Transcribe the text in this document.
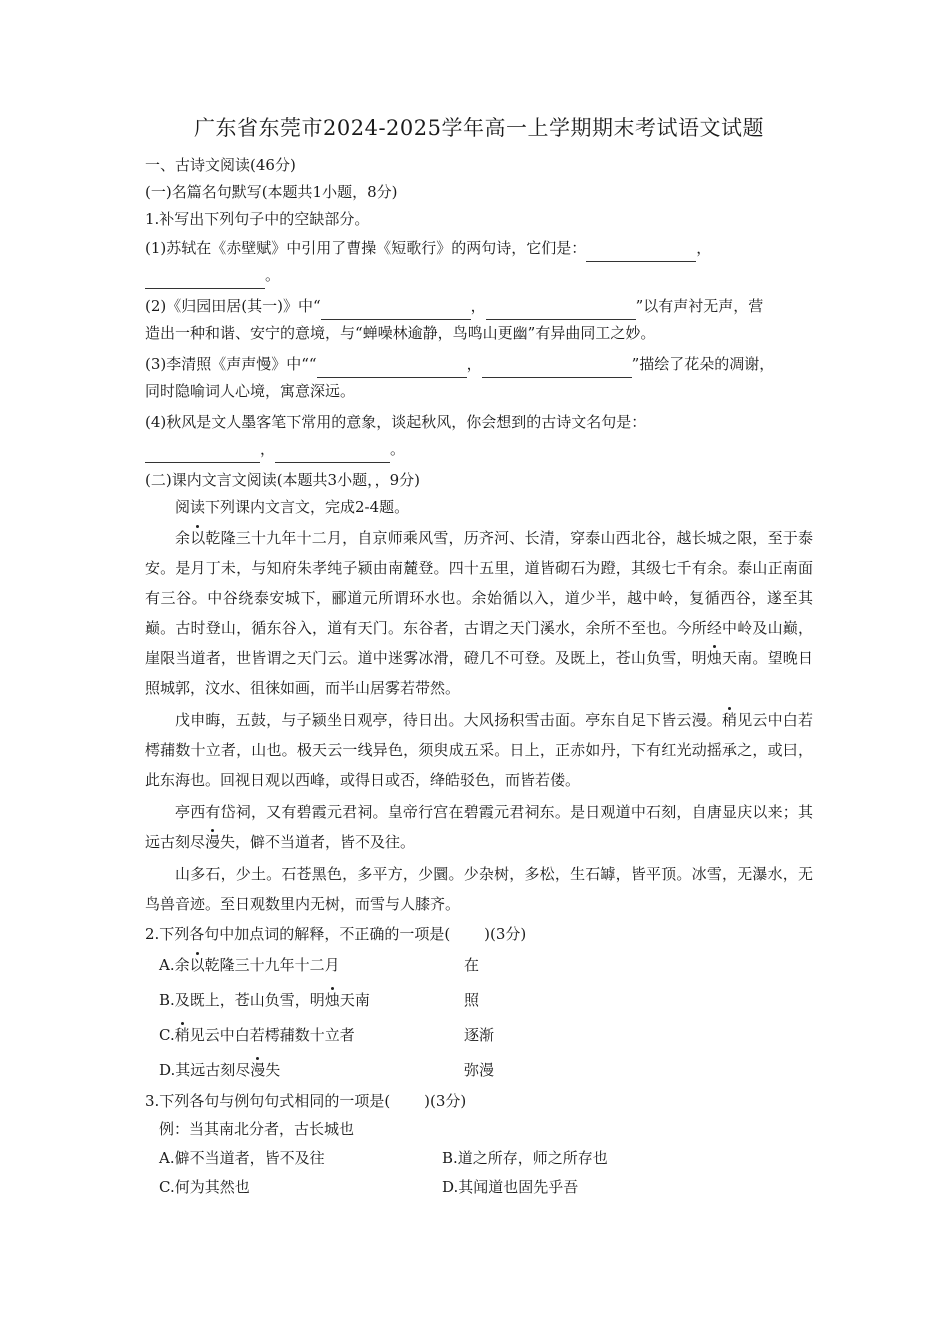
广东省东莞市2024-2025学年高一上学期期末考试语文试题

一、古诗文阅读(46分)

(一)名篇名句默写(本题共1小题，8分)

1.补写出下列句子中的空缺部分。

(1)苏轼在《赤壁赋》中引用了曹操《短歌行》的两句诗，它们是：	，

。

(2)《归园田居(其一)》中“	，	”以有声衬无声，营

造出一种和谐、安宁的意境，与“蝉噪林逾静，鸟鸣山更幽”有异曲同工之妙。

(3)李清照《声声慢》中““	，	”描绘了花朵的凋谢，

同时隐喻词人心境，寓意深远。

(4)秋风是文人墨客笔下常用的意象，谈起秋风，你会想到的古诗文名句是：

，	。

(二)课内文言文阅读(本题共3小题，，9分)

阅读下列课内文言文，完成2-4题。

余以乾隆三十九年十二月，自京师乘风雪，历齐河、长清，穿泰山西北谷，越长城之限，至于泰安。是月丁未，与知府朱孝纯子颍由南麓登。四十五里，道皆砌石为蹬，其级七千有余。泰山正南面有三谷。中谷绕泰安城下，郦道元所谓环水也。余始循以入，道少半，越中岭，复循西谷，遂至其巅。古时登山，循东谷入，道有天门。东谷者，古谓之天门溪水，余所不至也。今所经中岭及山巅，崖限当道者，世皆谓之天门云。道中迷雾冰滑，磴几不可登。及既上，苍山负雪，明烛天南。望晚日照城郭，汶水、徂徕如画，而半山居雾若带然。

戊申晦，五鼓，与子颍坐日观亭，待日出。大风扬积雪击面。亭东自足下皆云漫。稍见云中白若樗蒱数十立者，山也。极天云一线异色，须臾成五采。日上，正赤如丹，下有红光动摇承之，或曰，此东海也。回视日观以西峰，或得日或否，绛皓驳色，而皆若偻。

亭西有岱祠，又有碧霞元君祠。皇帝行宫在碧霞元君祠东。是日观道中石刻，自唐显庆以来；其远古刻尽漫失，僻不当道者，皆不及往。

山多石，少土。石苍黑色，多平方，少圜。少杂树，多松，生石罅，皆平顶。冰雪，无瀑水，无鸟兽音迹。至日观数里内无树，而雪与人膝齐。

2.下列各句中加点词的解释，不正确的一项是( )(3分)

A.余以乾隆三十九年十二月	在
B.及既上，苍山负雪，明烛天南	照
C.稍见云中白若樗蒱数十立者	逐渐
D.其远古刻尽漫失	弥漫

3.下列各句与例句句式相同的一项是( )(3分)

例：当其南北分者，古长城也
A.僻不当道者，皆不及往	B.道之所存，师之所存也
C.何为其然也	D.其闻道也固先乎吾
